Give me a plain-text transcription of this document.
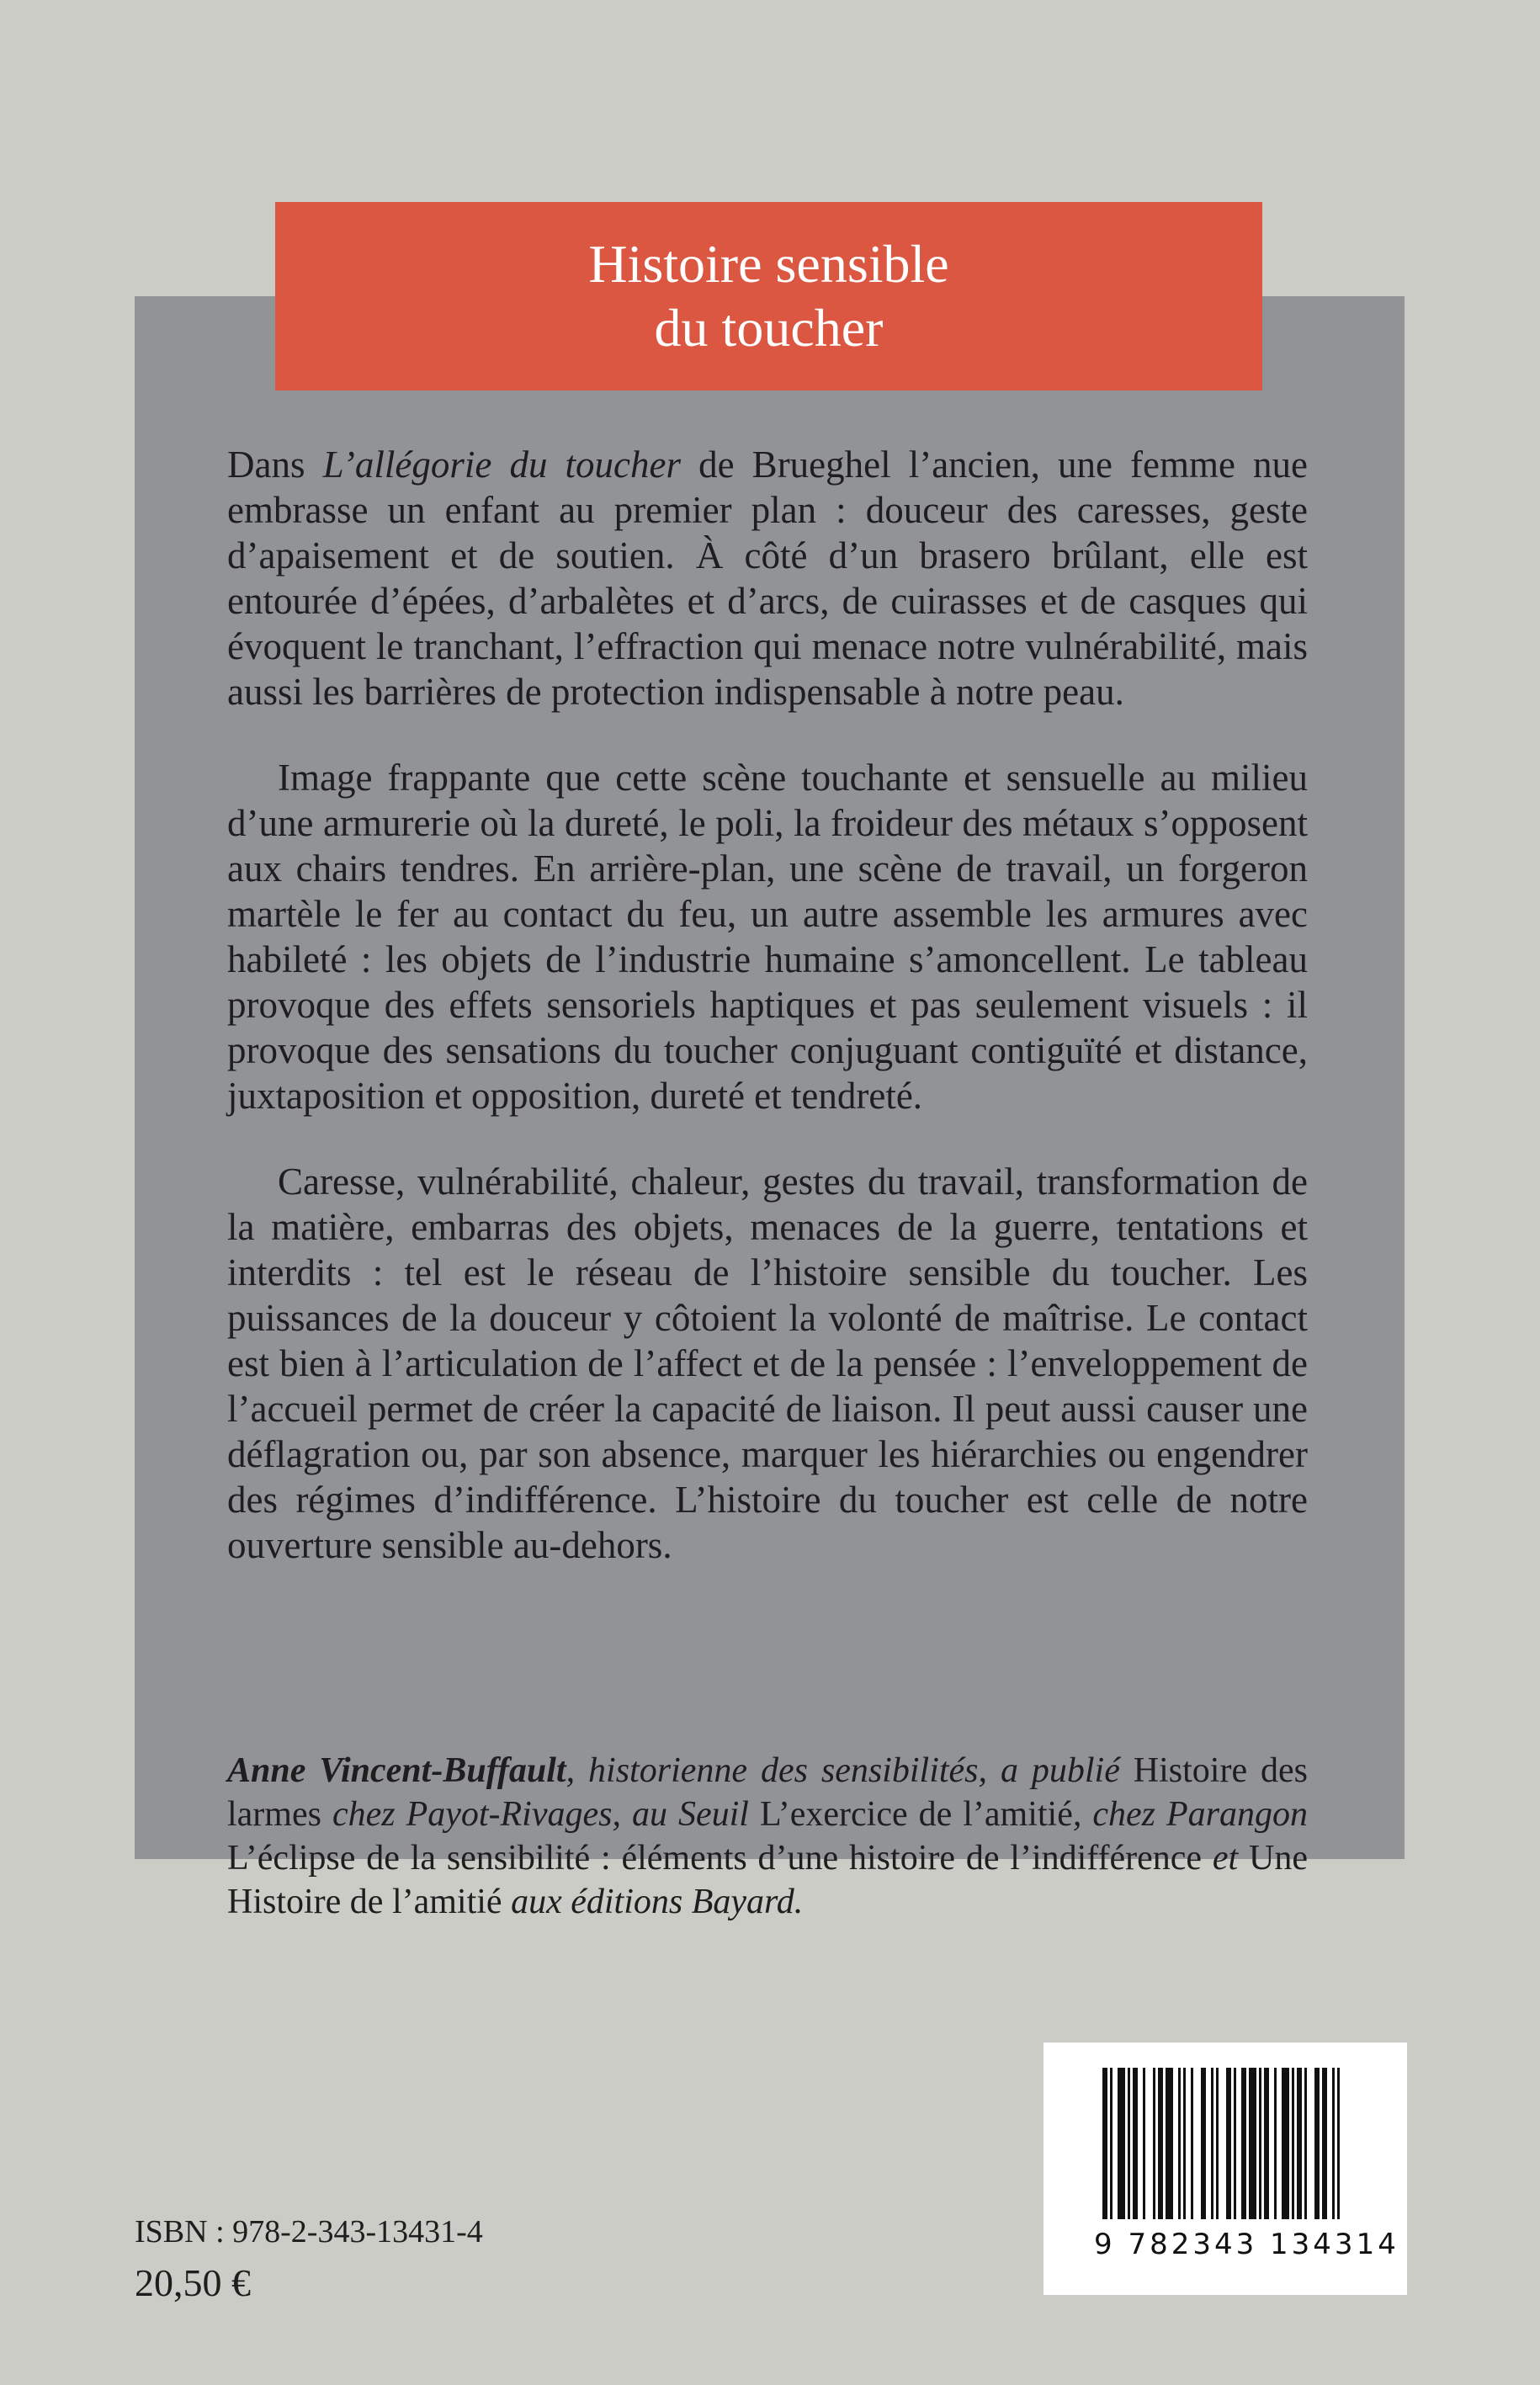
Histoire sensible
du toucher

Dans L’allégorie du toucher de Brueghel l’ancien, une femme nue embrasse un enfant au premier plan : douceur des caresses, geste d’apaisement et de soutien. À côté d’un brasero brûlant, elle est entourée d’épées, d’arbalètes et d’arcs, de cuirasses et de casques qui évoquent le tranchant, l’effraction qui menace notre vulnérabilité, mais aussi les barrières de protection indispensable à notre peau.

Image frappante que cette scène touchante et sensuelle au milieu d’une armurerie où la dureté, le poli, la froideur des métaux s’opposent aux chairs tendres. En arrière-plan, une scène de travail, un forgeron martèle le fer au contact du feu, un autre assemble les armures avec habileté : les objets de l’industrie humaine s’amoncellent. Le tableau provoque des effets sensoriels haptiques et pas seulement visuels : il provoque des sensations du toucher conjuguant contiguïté et distance, juxtaposition et opposition, dureté et tendreté.

Caresse, vulnérabilité, chaleur, gestes du travail, transformation de la matière, embarras des objets, menaces de la guerre, tentations et interdits : tel est le réseau de l’histoire sensible du toucher. Les puissances de la douceur y côtoient la volonté de maîtrise. Le contact est bien à l’articulation de l’affect et de la pensée : l’enveloppement de l’accueil permet de créer la capacité de liaison. Il peut aussi causer une déflagration ou, par son absence, marquer les hiérarchies ou engendrer des régimes d’indifférence. L’histoire du toucher est celle de notre ouverture sensible au-dehors.

Anne Vincent-Buffault, historienne des sensibilités, a publié Histoire des larmes chez Payot-Rivages, au Seuil L’exercice de l’amitié, chez Parangon L’éclipse de la sensibilité : éléments d’une histoire de l’indifférence et Une Histoire de l’amitié aux éditions Bayard.

9 782343 134314
ISBN : 978-2-343-13431-4
20,50 €
